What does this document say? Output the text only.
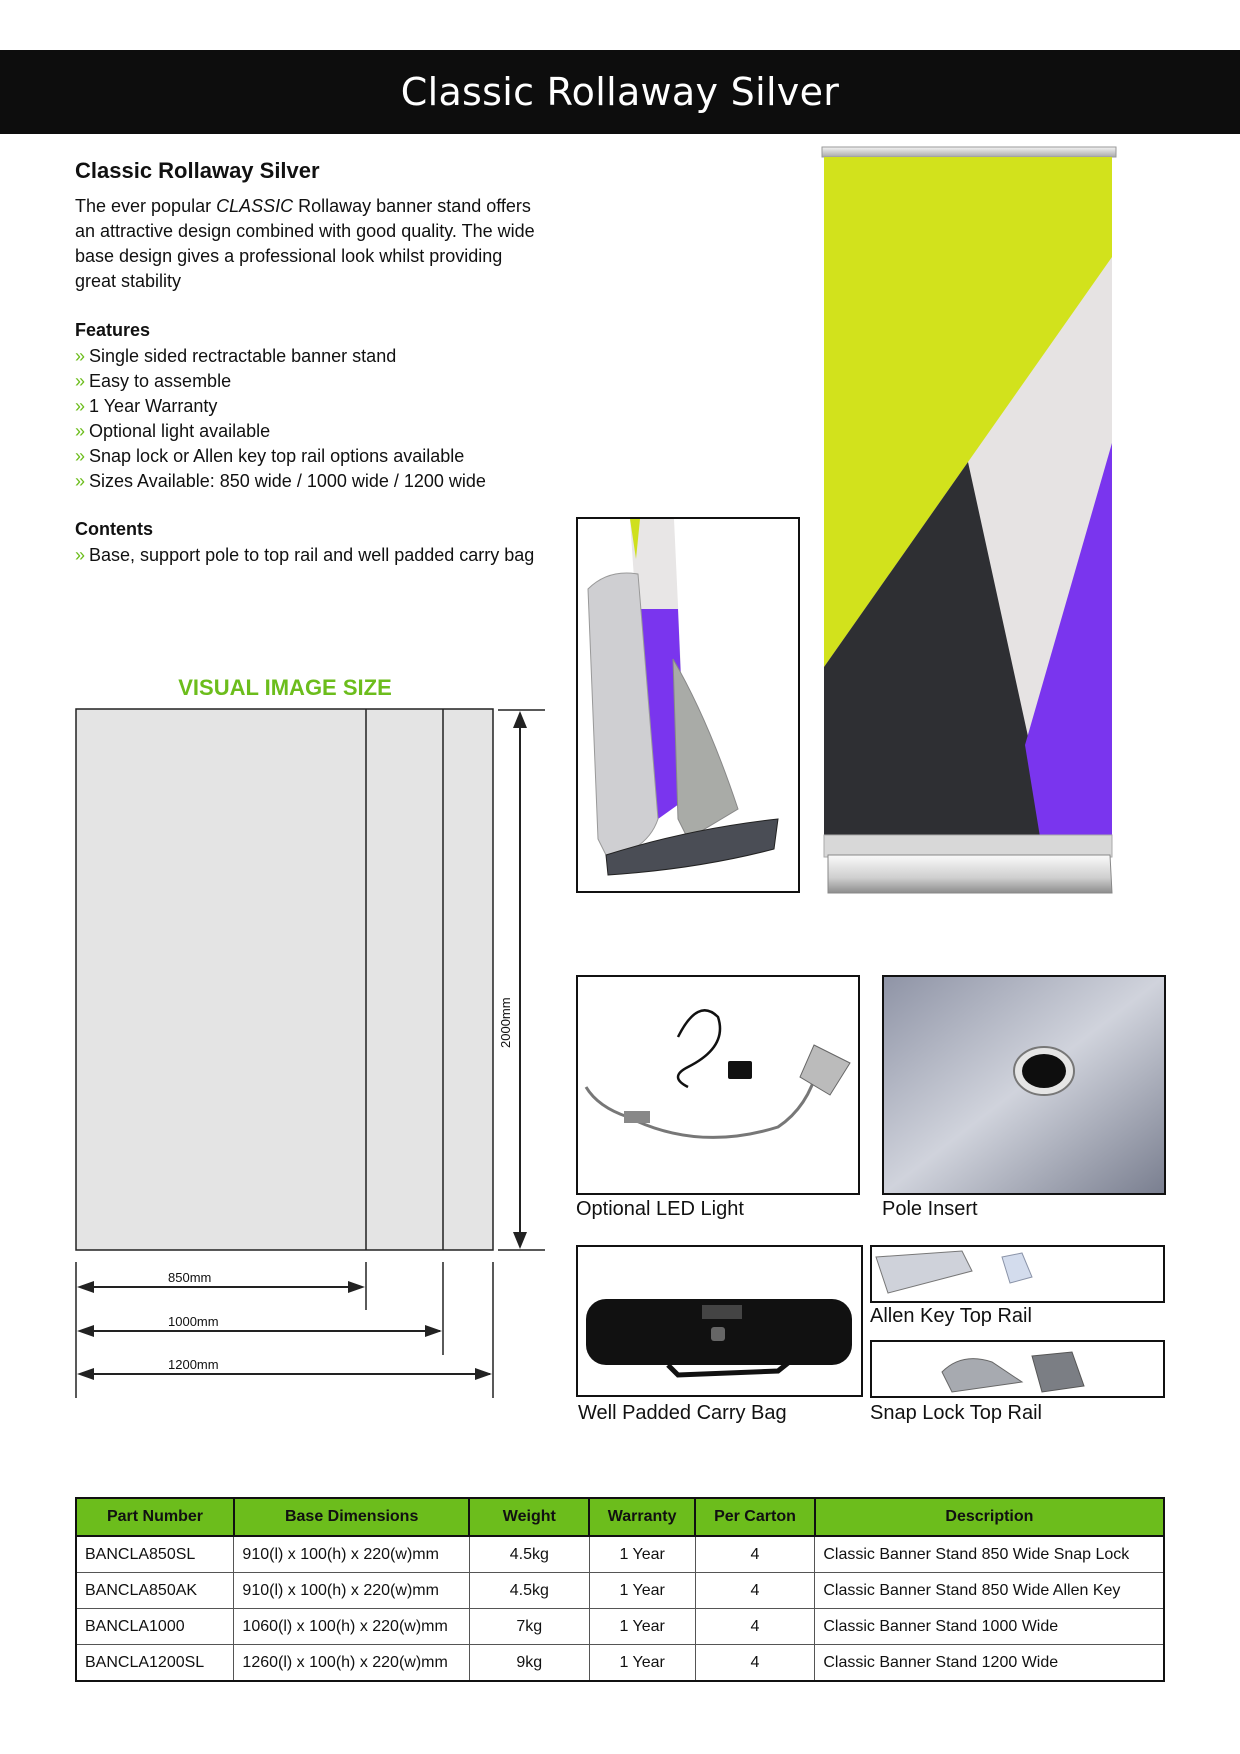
Classic Rollaway Silver
Classic Rollaway Silver
The ever popular CLASSIC Rollaway banner stand offers an attractive design combined with good quality. The wide base design gives a professional look whilst providing great stability
Features
» Single sided rectractable banner stand
» Easy to assemble
» 1 Year Warranty
» Optional light available
» Snap lock or Allen key top rail options available
» Sizes Available: 850 wide / 1000 wide / 1200 wide
Contents
» Base, support pole to top rail and well padded carry bag
VISUAL IMAGE SIZE
2000mm
850mm
1000mm
1200mm
Optional LED Light	Pole Insert
Well Padded Carry Bag
Allen Key Top Rail
Snap Lock Top Rail
Part Number	Base Dimensions	Weight	Warranty	Per Carton	Description
BANCLA850SL	910(l) x 100(h) x 220(w)mm	4.5kg	1 Year	4	Classic Banner Stand 850 Wide Snap Lock
BANCLA850AK	910(l) x 100(h) x 220(w)mm	4.5kg	1 Year	4	Classic Banner Stand 850 Wide Allen Key
BANCLA1000	1060(l) x 100(h) x 220(w)mm	7kg	1 Year	4	Classic Banner Stand 1000 Wide
BANCLA1200SL	1260(l) x 100(h) x 220(w)mm	9kg	1 Year	4	Classic Banner Stand 1200 Wide
